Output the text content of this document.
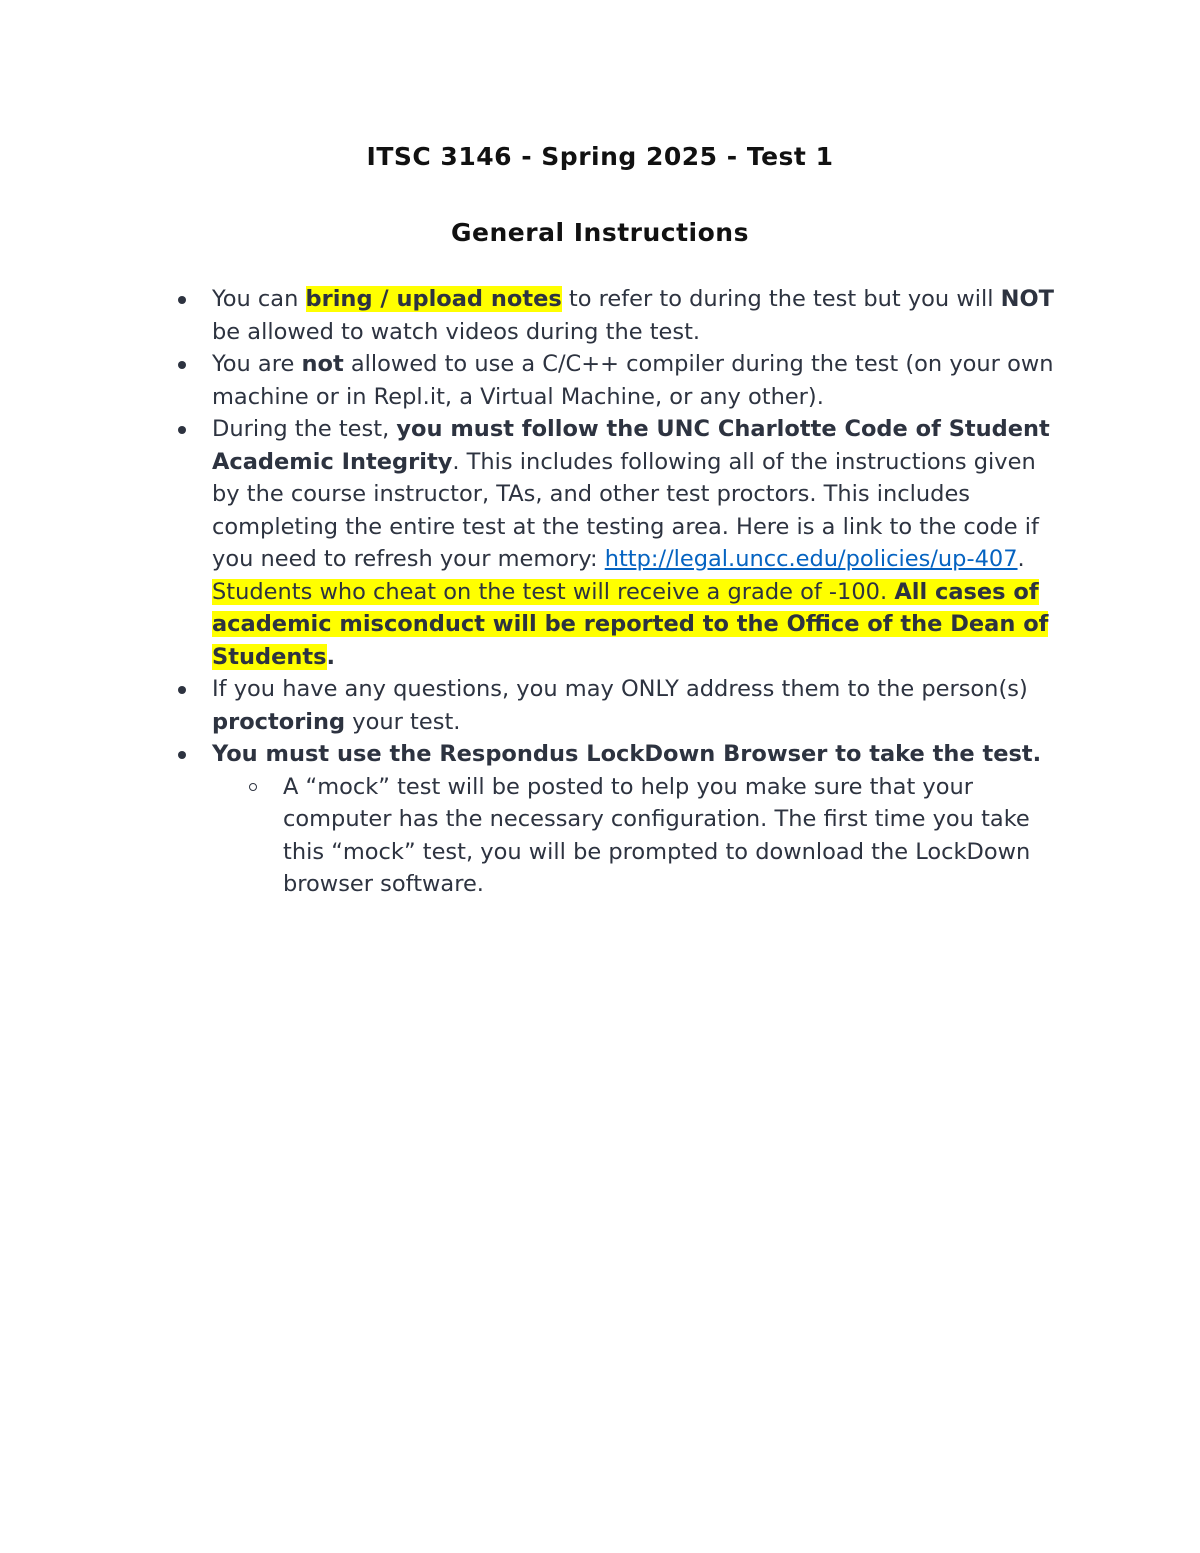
ITSC 3146 - Spring 2025 - Test 1
General Instructions
You can bring / upload notes to refer to during the test but you will NOT be allowed to watch videos during the test.
You are not allowed to use a C/C++ compiler during the test (on your own machine or in Repl.it, a Virtual Machine, or any other).
During the test, you must follow the UNC Charlotte Code of Student Academic Integrity. This includes following all of the instructions given by the course instructor, TAs, and other test proctors. This includes completing the entire test at the testing area. Here is a link to the code if you need to refresh your memory: http://legal.uncc.edu/policies/up-407. Students who cheat on the test will receive a grade of -100. All cases of academic misconduct will be reported to the Office of the Dean of Students.
If you have any questions, you may ONLY address them to the person(s) proctoring your test.
You must use the Respondus LockDown Browser to take the test.
A “mock” test will be posted to help you make sure that your computer has the necessary configuration. The first time you take this “mock” test, you will be prompted to download the LockDown browser software.
